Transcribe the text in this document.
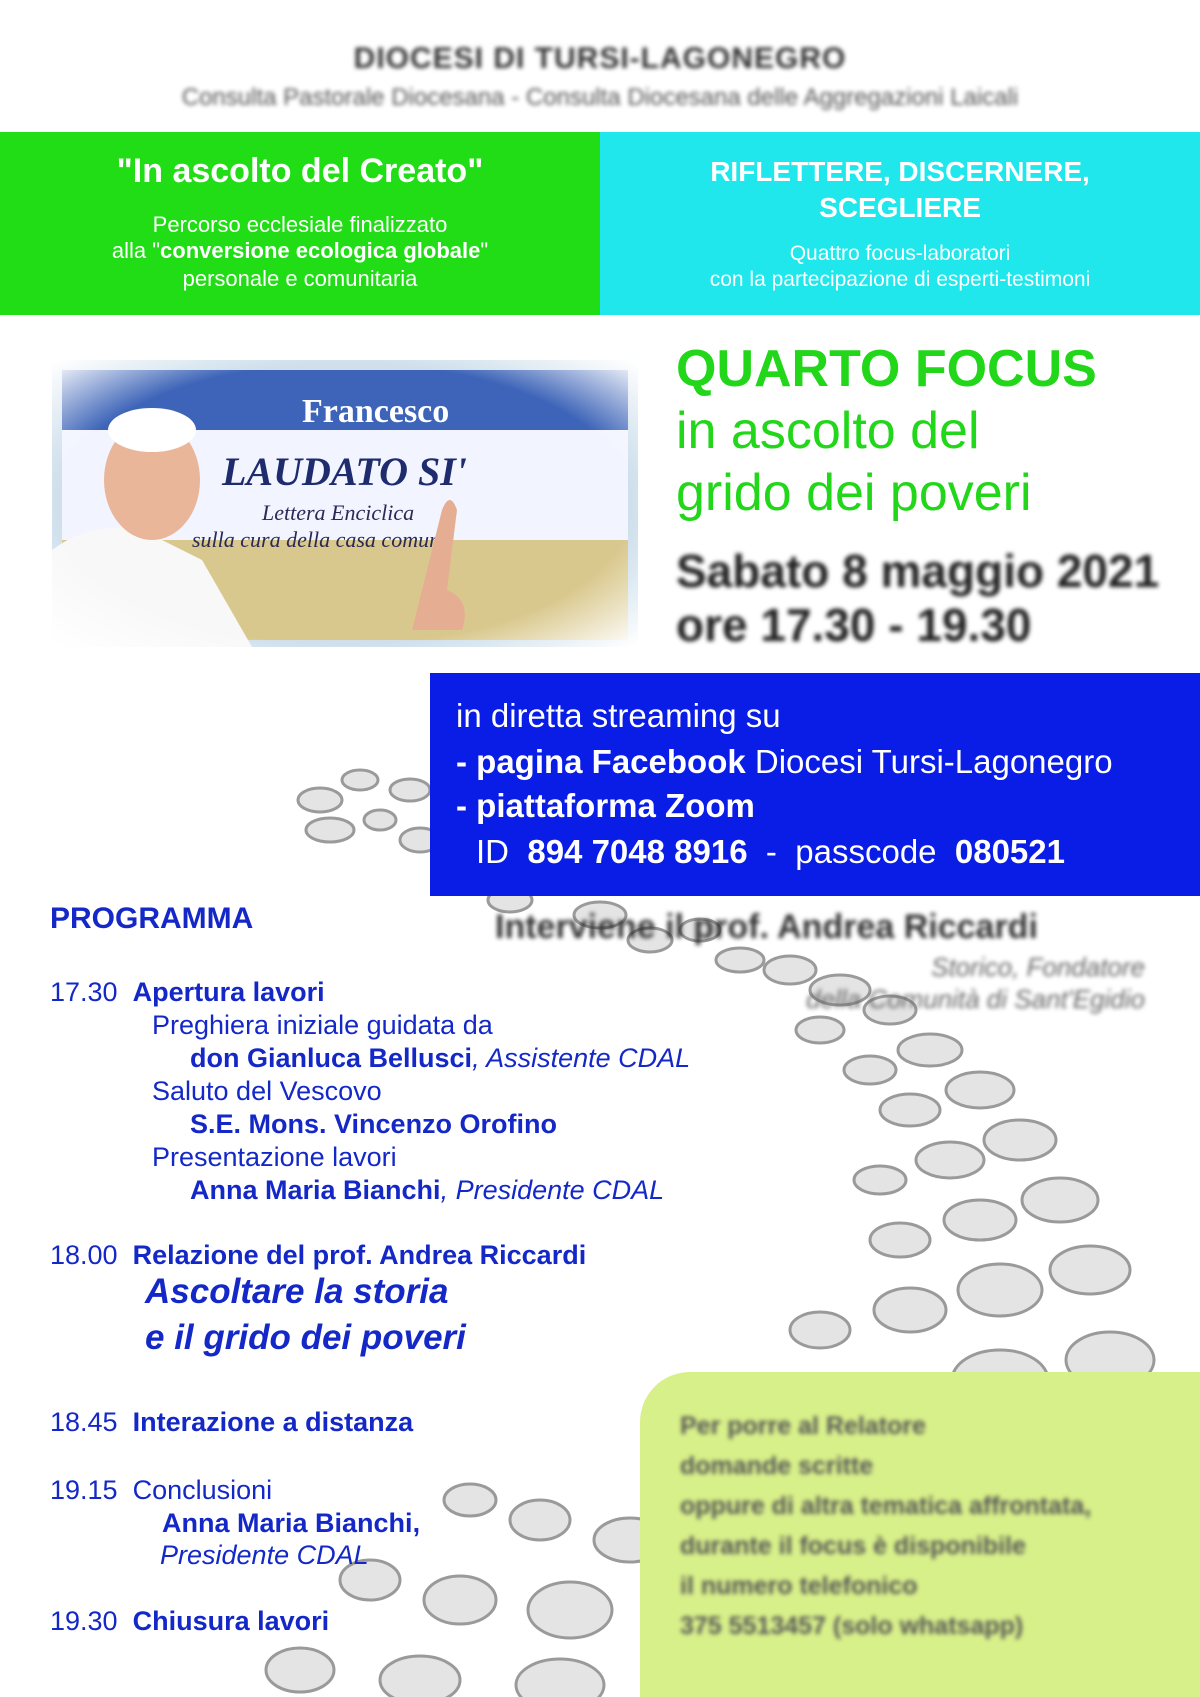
DIOCESI DI TURSI-LAGONEGRO
Consulta Pastorale Diocesana - Consulta Diocesana delle Aggregazioni Laicali
"In ascolto del Creato"
Percorso ecclesiale finalizzato
alla "conversione ecologica globale"
personale e comunitaria
RIFLETTERE, DISCERNERE,
SCEGLIERE
Quattro focus-laboratori
con la partecipazione di esperti-testimoni
QUARTO FOCUS
in ascolto del
grido dei poveri
Sabato 8 maggio 2021
ore 17.30 - 19.30
in diretta streaming su
- pagina Facebook Diocesi Tursi-Lagonegro
- piattaforma Zoom
ID 894 7048 8916 - passcode 080521
PROGRAMMA	Interviene il prof. Andrea Riccardi
Storico, Fondatore
della Comunità di Sant'Egidio
17.30 Apertura lavori
Preghiera iniziale guidata da
don Gianluca Bellusci, Assistente CDAL
Saluto del Vescovo
S.E. Mons. Vincenzo Orofino
Presentazione lavori
Anna Maria Bianchi, Presidente CDAL
18.00 Relazione del prof. Andrea Riccardi
Ascoltare la storia
e il grido dei poveri
18.45 Interazione a distanza
19.15 Conclusioni
Anna Maria Bianchi,
Presidente CDAL
19.30 Chiusura lavori
Per porre al Relatore
domande scritte
oppure di altra tematica affrontata,
durante il focus è disponibile
il numero telefonico
375 5513457 (solo whatsapp)
